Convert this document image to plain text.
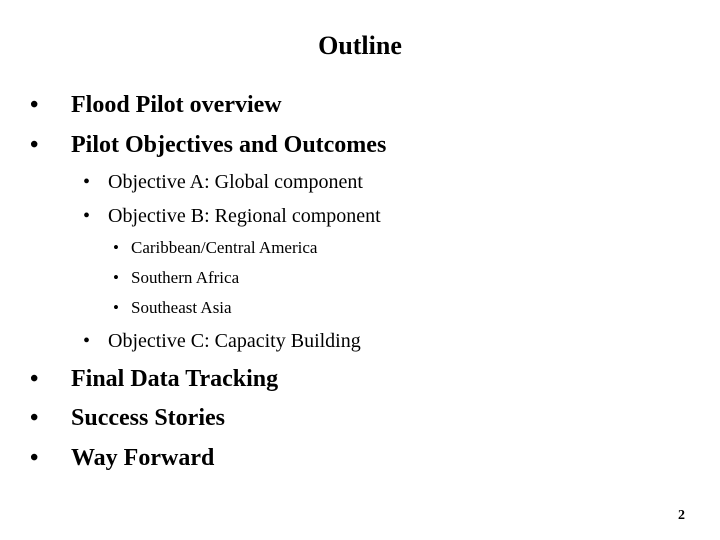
Outline
• Flood Pilot overview
• Pilot Objectives and Outcomes
• Objective A: Global component
• Objective B: Regional component
• Caribbean/Central America
• Southern Africa
• Southeast Asia
• Objective C: Capacity Building
• Final Data Tracking
• Success Stories
• Way Forward
2
